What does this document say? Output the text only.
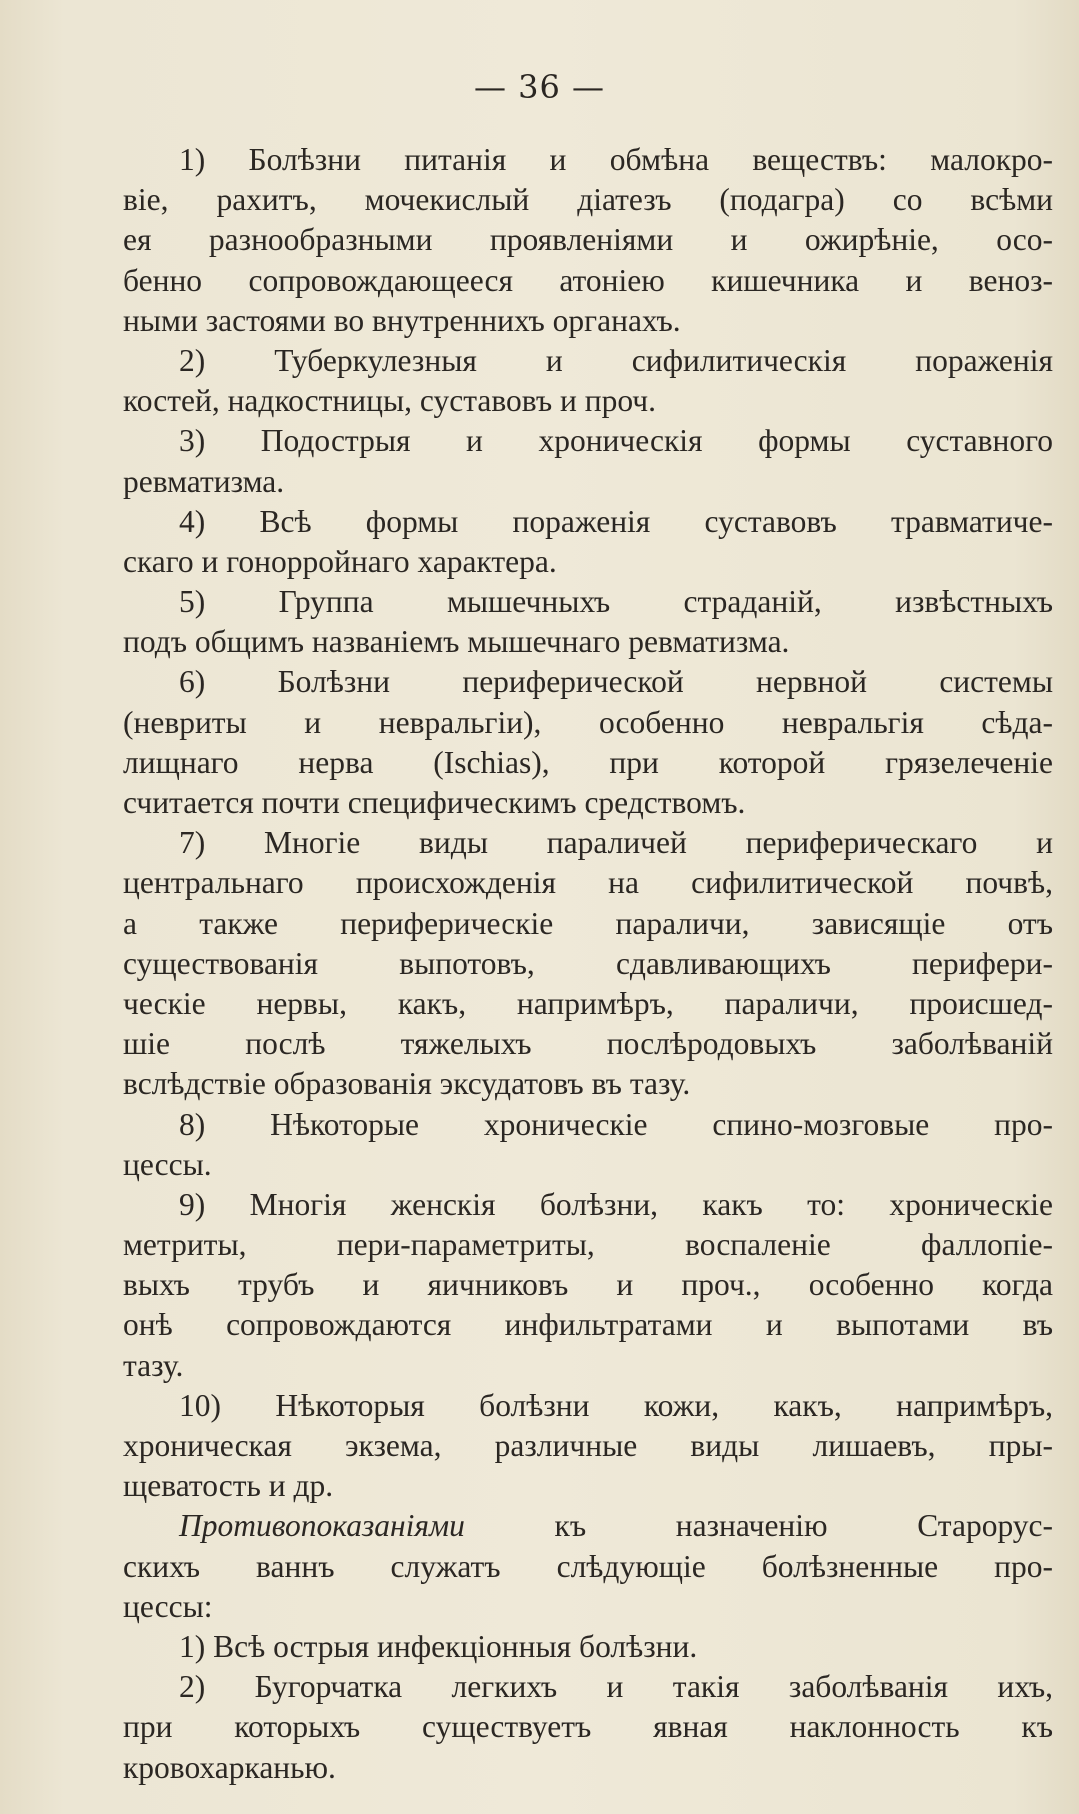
— 36 —
1) Болѣзни питанія и обмѣна веществъ: малокро-
віе, рахитъ, мочекислый діатезъ (подагра) со всѣми
ея разнообразными проявленіями и ожирѣніе, осо-
бенно сопровождающееся атоніею кишечника и веноз-
ными застоями во внутреннихъ органахъ.
2) Туберкулезныя и сифилитическія пораженія
костей, надкостницы, суставовъ и проч.
3) Подострыя и хроническія формы суставного
ревматизма.
4) Всѣ формы пораженія суставовъ травматиче-
скаго и гонорройнаго характера.
5) Группа мышечныхъ страданій, извѣстныхъ
подъ общимъ названіемъ мышечнаго ревматизма.
6) Болѣзни периферической нервной системы
(невриты и невральгіи), особенно невральгія сѣда-
лищнаго нерва (Ischias), при которой грязелеченіе
считается почти специфическимъ средствомъ.
7) Многіе виды параличей периферическаго и
центральнаго происхожденія на сифилитической почвѣ,
а также периферическіе параличи, зависящіе отъ
существованія выпотовъ, сдавливающихъ перифери-
ческіе нервы, какъ, напримѣръ, параличи, происшед-
шіе послѣ тяжелыхъ послѣродовыхъ заболѣваній
вслѣдствіе образованія эксудатовъ въ тазу.
8) Нѣкоторые хроническіе спино-мозговые про-
цессы.
9) Многія женскія болѣзни, какъ то: хроническіе
метриты, пери-параметриты, воспаленіе фаллопіе-
выхъ трубъ и яичниковъ и проч., особенно когда
онѣ сопровождаются инфильтратами и выпотами въ
тазу.
10) Нѣкоторыя болѣзни кожи, какъ, напримѣръ,
хроническая экзема, различные виды лишаевъ, пры-
щеватость и др.
Противопоказаніями къ назначенію Старорус-
скихъ ваннъ служатъ слѣдующіе болѣзненные про-
цессы:
1) Всѣ острыя инфекціонныя болѣзни.
2) Бугорчатка легкихъ и такія заболѣванія ихъ,
при которыхъ существуетъ явная наклонность къ
кровохарканью.
